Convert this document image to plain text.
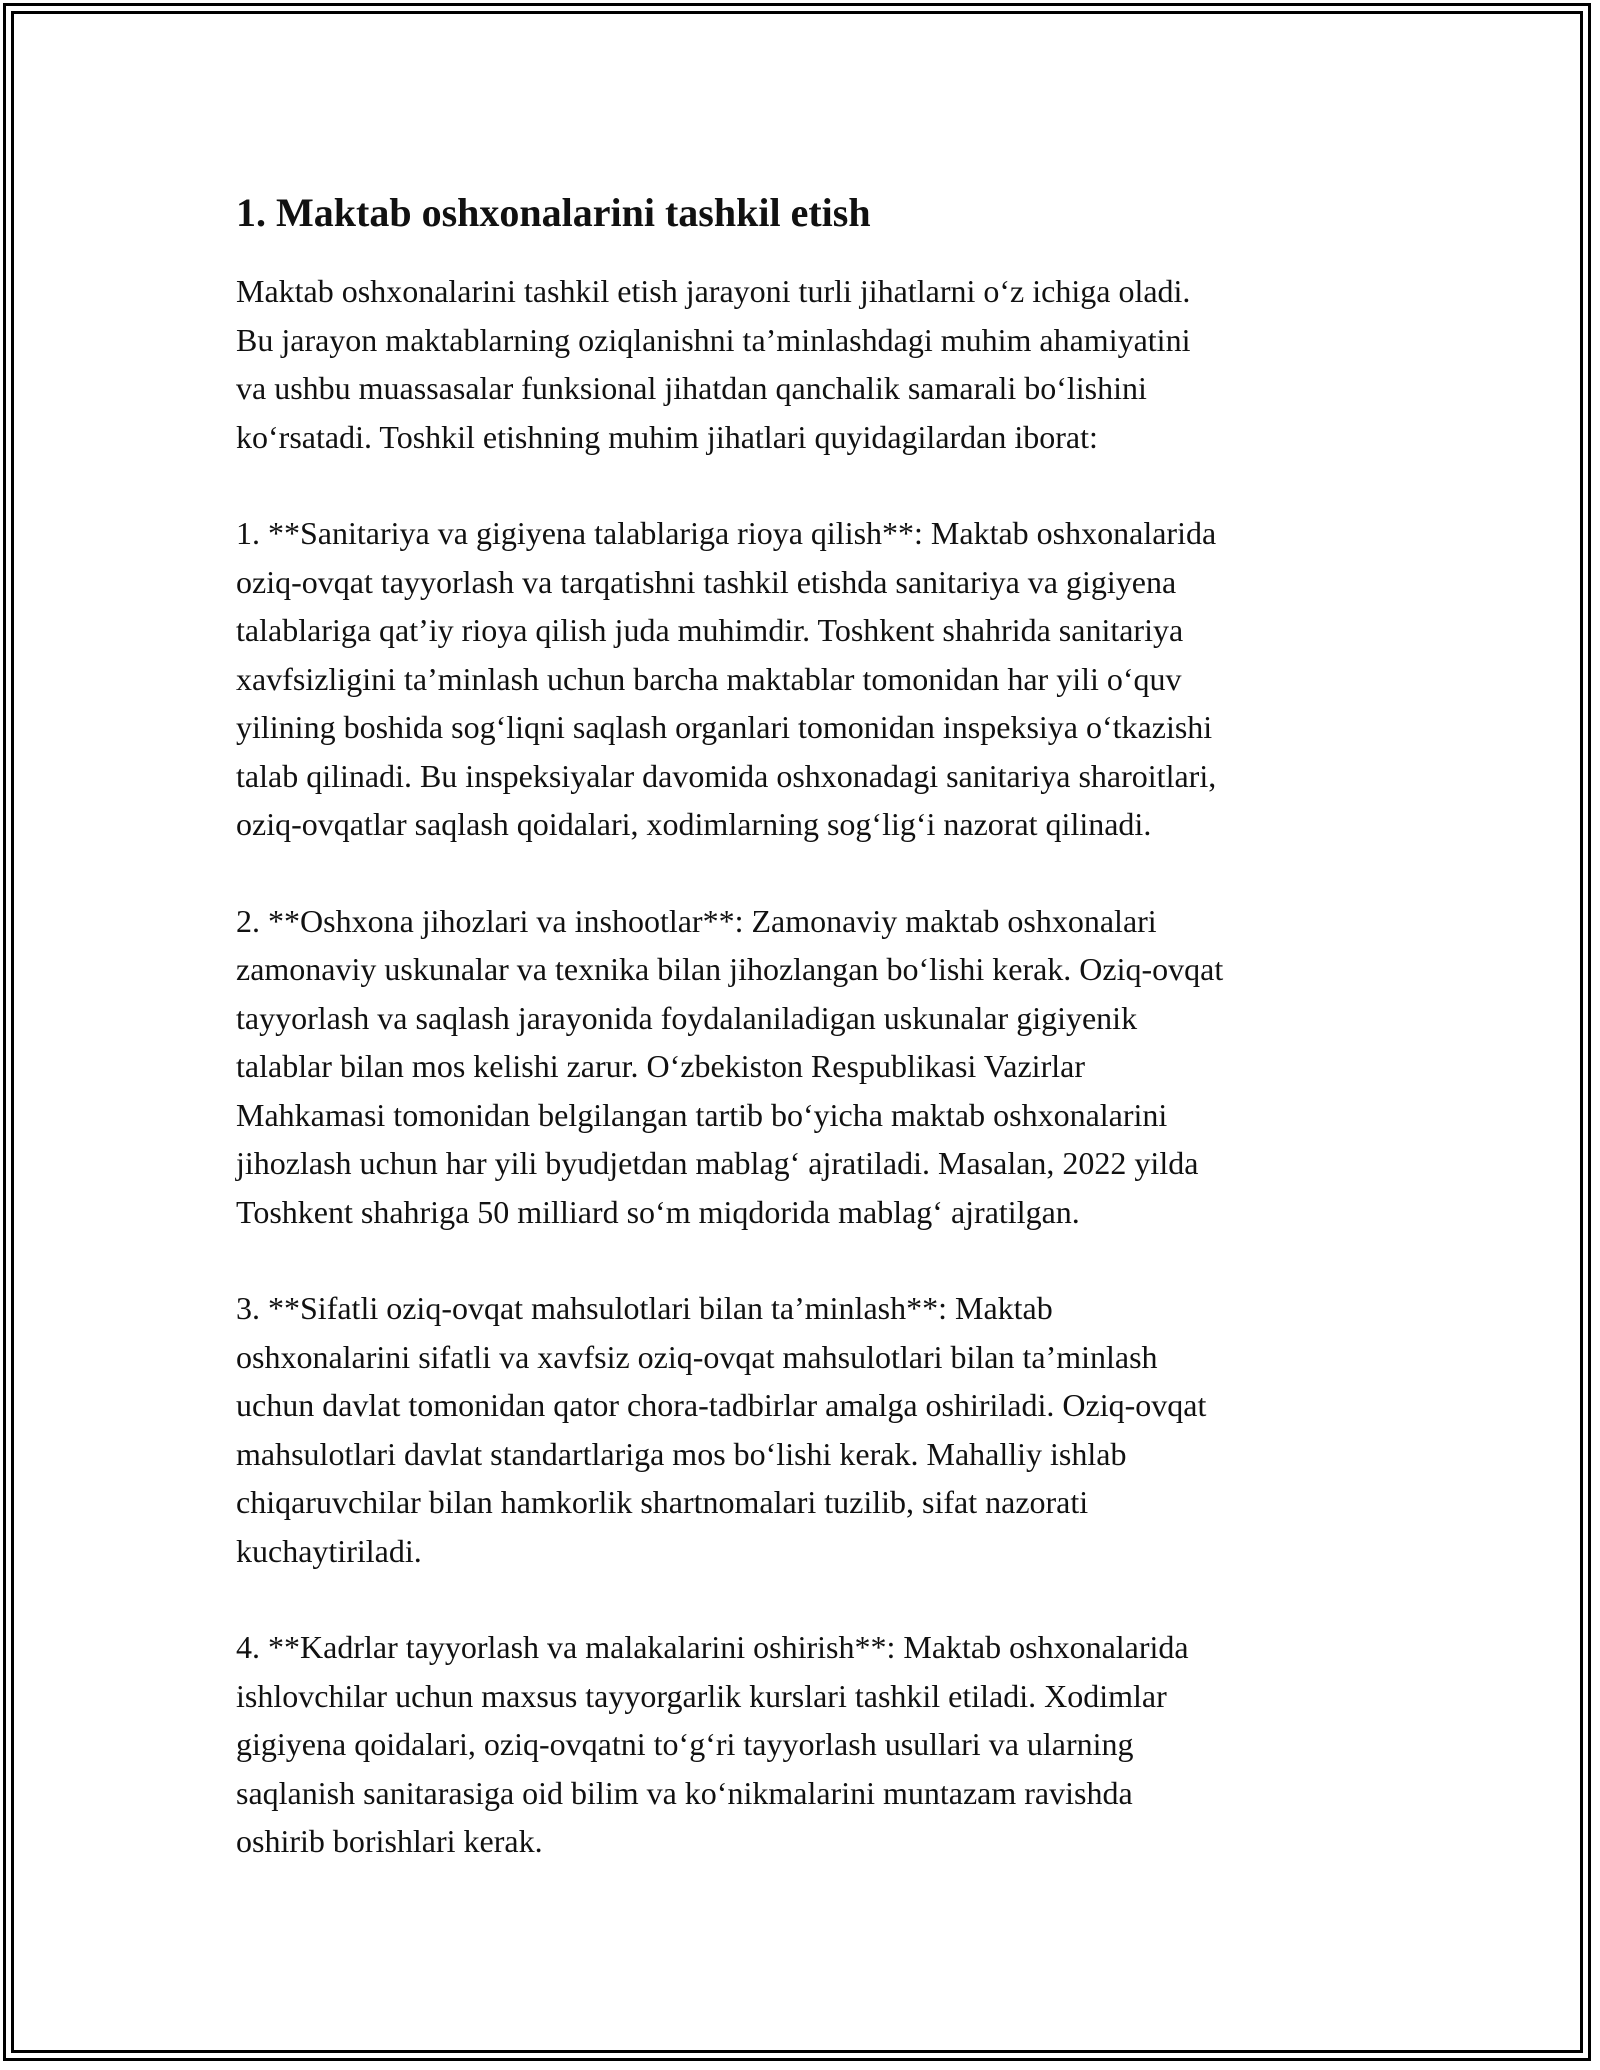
1. Maktab oshxonalarini tashkil etish

Maktab oshxonalarini tashkil etish jarayoni turli jihatlarni oʻz ichiga oladi.
Bu jarayon maktablarning oziqlanishni taʼminlashdagi muhim ahamiyatini
va ushbu muassasalar funksional jihatdan qanchalik samarali boʻlishini
koʻrsatadi. Toshkil etishning muhim jihatlari quyidagilardan iborat:

1. **Sanitariya va gigiyena talablariga rioya qilish**: Maktab oshxonalarida
oziq-ovqat tayyorlash va tarqatishni tashkil etishda sanitariya va gigiyena
talablariga qatʼiy rioya qilish juda muhimdir. Toshkent shahrida sanitariya
xavfsizligini taʼminlash uchun barcha maktablar tomonidan har yili oʻquv
yilining boshida sogʻliqni saqlash organlari tomonidan inspeksiya oʻtkazishi
talab qilinadi. Bu inspeksiyalar davomida oshxonadagi sanitariya sharoitlari,
oziq-ovqatlar saqlash qoidalari, xodimlarning sogʻligʻi nazorat qilinadi.

2. **Oshxona jihozlari va inshootlar**: Zamonaviy maktab oshxonalari
zamonaviy uskunalar va texnika bilan jihozlangan boʻlishi kerak. Oziq-ovqat
tayyorlash va saqlash jarayonida foydalaniladigan uskunalar gigiyenik
talablar bilan mos kelishi zarur. Oʻzbekiston Respublikasi Vazirlar
Mahkamasi tomonidan belgilangan tartib boʻyicha maktab oshxonalarini
jihozlash uchun har yili byudjetdan mablagʻ ajratiladi. Masalan, 2022 yilda
Toshkent shahriga 50 milliard soʻm miqdorida mablagʻ ajratilgan.

3. **Sifatli oziq-ovqat mahsulotlari bilan taʼminlash**: Maktab
oshxonalarini sifatli va xavfsiz oziq-ovqat mahsulotlari bilan taʼminlash
uchun davlat tomonidan qator chora-tadbirlar amalga oshiriladi. Oziq-ovqat
mahsulotlari davlat standartlariga mos boʻlishi kerak. Mahalliy ishlab
chiqaruvchilar bilan hamkorlik shartnomalari tuzilib, sifat nazorati
kuchaytiriladi.

4. **Kadrlar tayyorlash va malakalarini oshirish**: Maktab oshxonalarida
ishlovchilar uchun maxsus tayyorgarlik kurslari tashkil etiladi. Xodimlar
gigiyena qoidalari, oziq-ovqatni toʻgʻri tayyorlash usullari va ularning
saqlanish sanitarasiga oid bilim va koʻnikmalarini muntazam ravishda
oshirib borishlari kerak.
